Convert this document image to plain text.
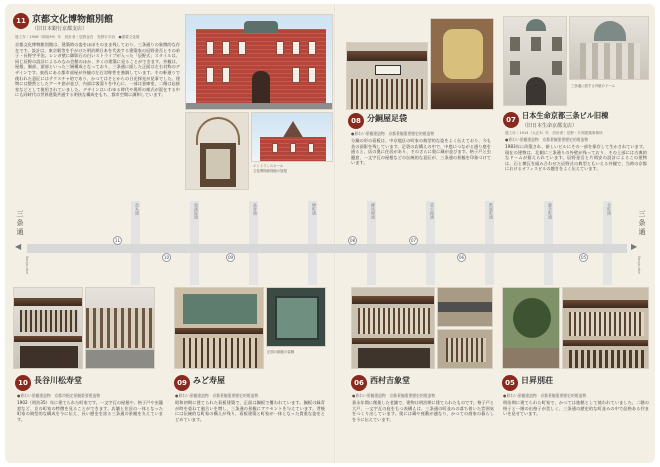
11 京都文化博物館別館
（旧日本銀行京都支店）
竣工年｜1906（明治39）年　設計者｜辰野金吾　長野宇平治　●重要文化財
京都文化博物館別館は、建築時の姿をほぼそのまま残しており、三条通りの象徴的な存在です。設計は、東京駅等を手がけた明治期日本を代表する建築家の辰野金吾とその弟子・長野宇平治。レンガ壁に御影石の白いストライプが入った「辰野式」スタイルは、同じ辰野の設計によるみなみ会館のほか、多くの建築に見ることができます。外観は、屋根、胴部、頂部といった三層構成となっており、三条通に面した正面は左右対称のデザインです。東西にある都市部屋が外観の左右対称性を強調しています。その軒廻りで使われた意匠にはテクスチャ的であり、かつてはそとからの日光採光が見事でした。建物には整然としたアーチ窓が並び、内部は客溜りを中心に、一部は金庫室、二階は応接室などとして使用されていました。デザインはいわゆる時代や場所の様式が混在する中にも同時代の世界建築共通する明快な構成をもち、都市空間に調和しています。
エントランスホール
文化博物館別館の屋根
08 分銅屋足袋
●界わい景観建造物　京都景観重要歴史的建造物
分銅の形の看板は、中京地区の町家の典型的な姿をよく伝えており、今も昔の面影を残しています。足袋の店構えの中で、中庭につながる通り庭を通ると、店の奥に住居があり、そのさらに奥に蔵が並びます。格子戸と虫籠窓、一文字瓦の屋根などの伝統的な意匠が、三条通の景観を印象づけています。
三条通に面する外壁のドーム
07 日本生命京都三条ビル旧棟
（旧日本生命京都支店）
竣工年｜1914（大正3）年　設計者｜辰野・片岡建築事務所
●界わい景観建造物　京都景観重要歴史的建造物
1983年に改築され、新しいビルにその一部を保存して生かされています。現在の建物は、北側に三条通りの外壁が残っており、その上部には古典的なドームが据えられています。辰野金吾と片岡安の設計によるこの建物は、石と煉瓦を組み合わせた辰野式の典型ともいえる外観で、当時の京都におけるオフィスビルの趣きをよく伝えています。
烏丸通	東洞院通	高倉通	堺町通	柳馬場通	富小路通	麩屋町通	御幸町通	寺町通
◀	▶
三条通
Sanjo-dori
三条通
Sanjo-dori
11
10	09
08	07
06	05
正面の銅板の装飾
10 長谷川松寿堂
●界わい景観建造物　京都市指定景観重要建造物
1902（明治35）年に建てられた町家です。一文字瓦の屋根や、格子戸や虫籠窓など、京の町家の特徴を見ることができます。店舗と住居の一体となった町家の典型的な構成を今に伝え、長い歴史を誇る三条通の景観を支えています。
09 みど寿屋
●界わい景観建造物　京都景観重要歴史的建造物
昭和初期に建てられた看板建築で、正面は銅板で覆われています。銅板の緑青が時を重ねて風合いを増し、三条通の景観にアクセントを与えています。背後には伝統的な町家の構えが残り、看板建築と町家が一体となった貴重な姿をとどめています。
06 西村吉象堂
●界わい景観建造物　京都景観重要歴史的建造物
嘉永年間に創業した老舗で、建物は明治期に建てられたものです。格子戸と大戸、一文字瓦の庇をもつ表構えは、三条通の町並みの落ち着いた雰囲気をつくり出しています。奥には蔵や座敷が連なり、かつての商家の暮らしを今に伝えています。
05 日昇別荘
●界わい景観建造物　京都景観重要歴史的建造物
明治期に建てられた町家で、かつては旅館として使われていました。二階の格子と一階の出格子が美しく、三条通の歴史的な町並みの中で品格ある佇まいを見せています。
